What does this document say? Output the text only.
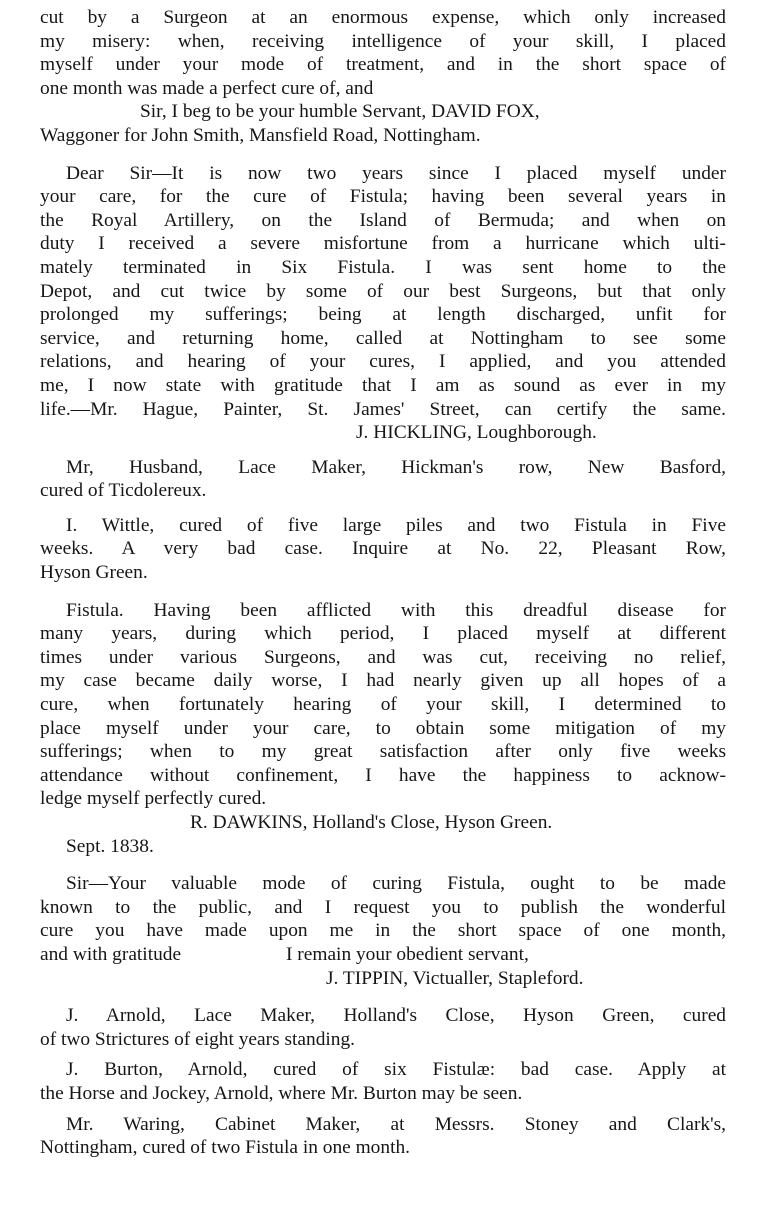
cut by a Surgeon at an enormous expense, which only increased
my misery: when, receiving intelligence of your skill, I placed
myself under your mode of treatment, and in the short space of
one month was made a perfect cure of, and
Sir, I beg to be your humble Servant, DAVID FOX,
Waggoner for John Smith, Mansfield Road, Nottingham.
Dear Sir—It is now two years since I placed myself under
your care, for the cure of Fistula; having been several years in
the Royal Artillery, on the Island of Bermuda; and when on
duty I received a severe misfortune from a hurricane which ulti-
mately terminated in Six Fistula. I was sent home to the
Depot, and cut twice by some of our best Surgeons, but that only
prolonged my sufferings; being at length discharged, unfit for
service, and returning home, called at Nottingham to see some
relations, and hearing of your cures, I applied, and you attended
me, I now state with gratitude that I am as sound as ever in my
life.—Mr. Hague, Painter, St. James' Street, can certify the same.
J. HICKLING, Loughborough.
Mr, Husband, Lace Maker, Hickman's row, New Basford,
cured of Ticdolereux.
I. Wittle, cured of five large piles and two Fistula in Five
weeks. A very bad case. Inquire at No. 22, Pleasant Row,
Hyson Green.
Fistula. Having been afflicted with this dreadful disease for
many years, during which period, I placed myself at different
times under various Surgeons, and was cut, receiving no relief,
my case became daily worse, I had nearly given up all hopes of a
cure, when fortunately hearing of your skill, I determined to
place myself under your care, to obtain some mitigation of my
sufferings; when to my great satisfaction after only five weeks
attendance without confinement, I have the happiness to acknow-
ledge myself perfectly cured.
R. DAWKINS, Holland's Close, Hyson Green.
Sept. 1838.
Sir—Your valuable mode of curing Fistula, ought to be made
known to the public, and I request you to publish the wonderful
cure you have made upon me in the short space of one month,
and with gratitude	I remain your obedient servant,
J. TIPPIN, Victualler, Stapleford.
J. Arnold, Lace Maker, Holland's Close, Hyson Green, cured
of two Strictures of eight years standing.
J. Burton, Arnold, cured of six Fistulæ: bad case. Apply at
the Horse and Jockey, Arnold, where Mr. Burton may be seen.
Mr. Waring, Cabinet Maker, at Messrs. Stoney and Clark's,
Nottingham, cured of two Fistula in one month.
